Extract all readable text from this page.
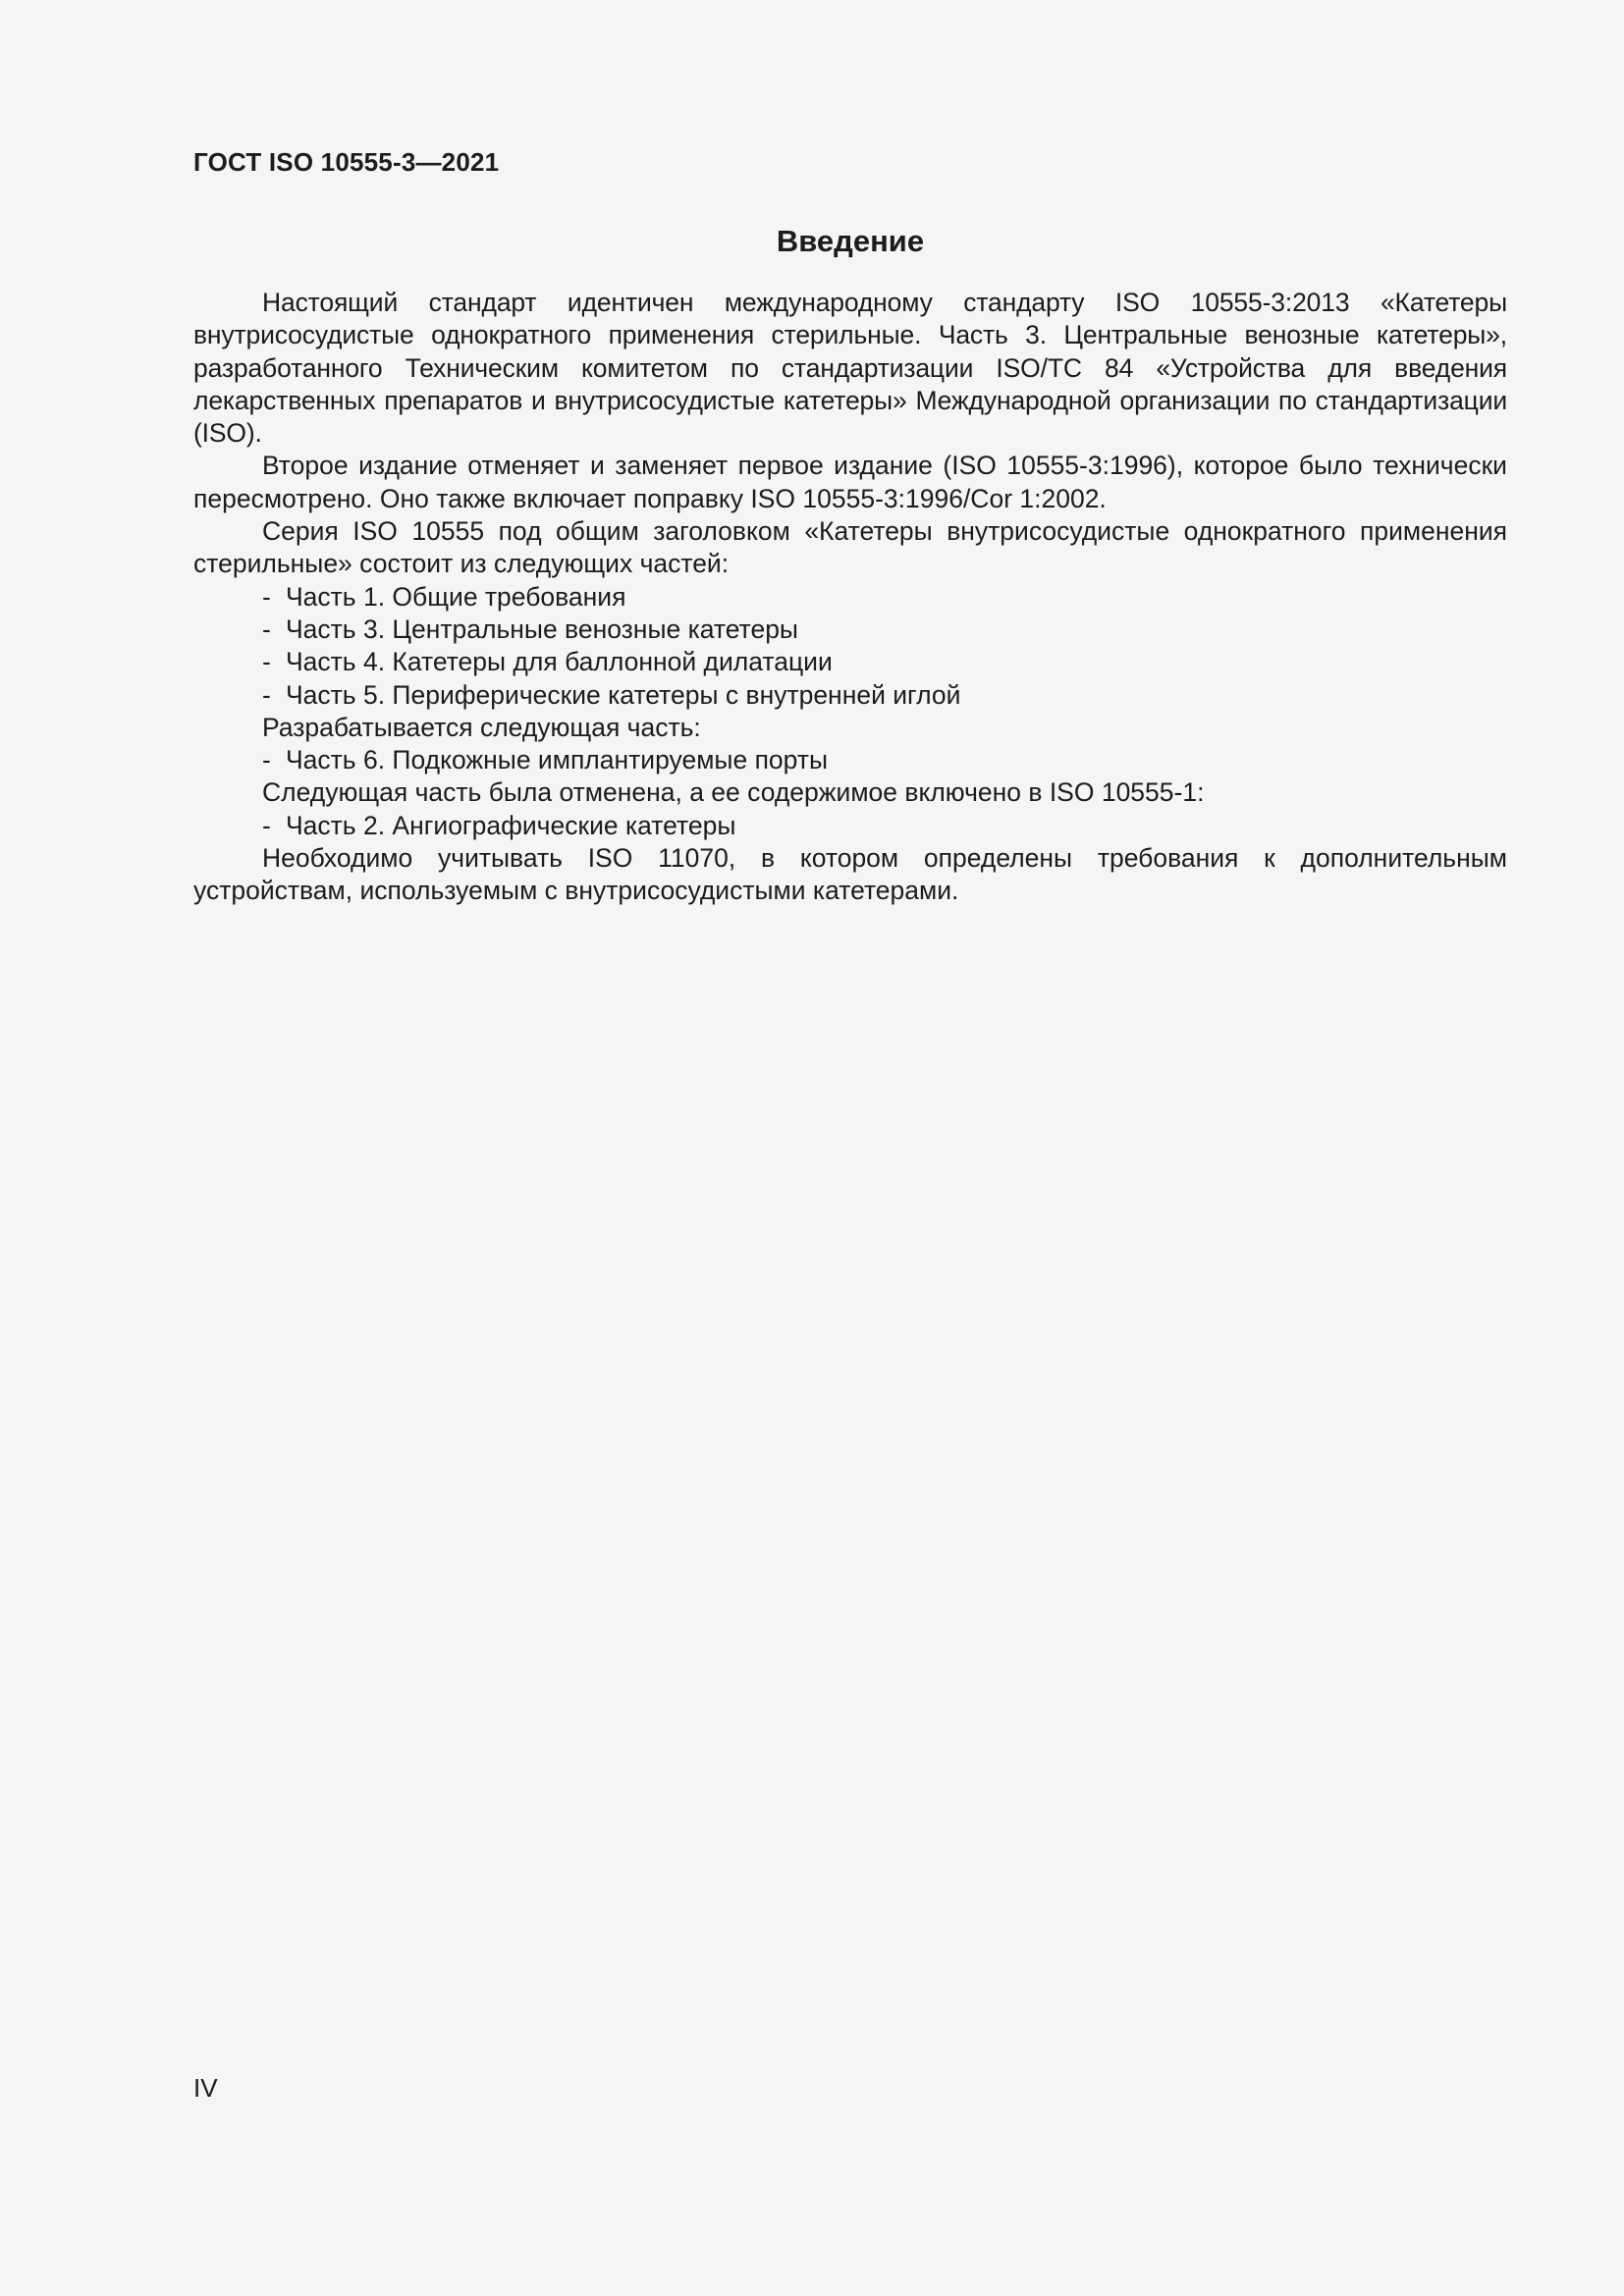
ГОСТ ISO 10555-3—2021
Введение

Настоящий стандарт идентичен международному стандарту ISO 10555-3:2013 «Катетеры внутрисосудистые однократного применения стерильные. Часть 3. Центральные венозные катетеры», разработанного Техническим комитетом по стандартизации ISO/TC 84 «Устройства для введения лекарственных препаратов и внутрисосудистые катетеры» Международной организации по стандартизации (ISO).

Второе издание отменяет и заменяет первое издание (ISO 10555-3:1996), которое было технически пересмотрено. Оно также включает поправку ISO 10555-3:1996/Cor 1:2002.

Серия ISO 10555 под общим заголовком «Катетеры внутрисосудистые однократного применения стерильные» состоит из следующих частей:

- Часть 1. Общие требования

- Часть 3. Центральные венозные катетеры

- Часть 4. Катетеры для баллонной дилатации

- Часть 5. Периферические катетеры с внутренней иглой

Разрабатывается следующая часть:

- Часть 6. Подкожные имплантируемые порты

Следующая часть была отменена, а ее содержимое включено в ISO 10555-1:

- Часть 2. Ангиографические катетеры

Необходимо учитывать ISO 11070, в котором определены требования к дополнительным устройствам, используемым с внутрисосудистыми катетерами.

IV
